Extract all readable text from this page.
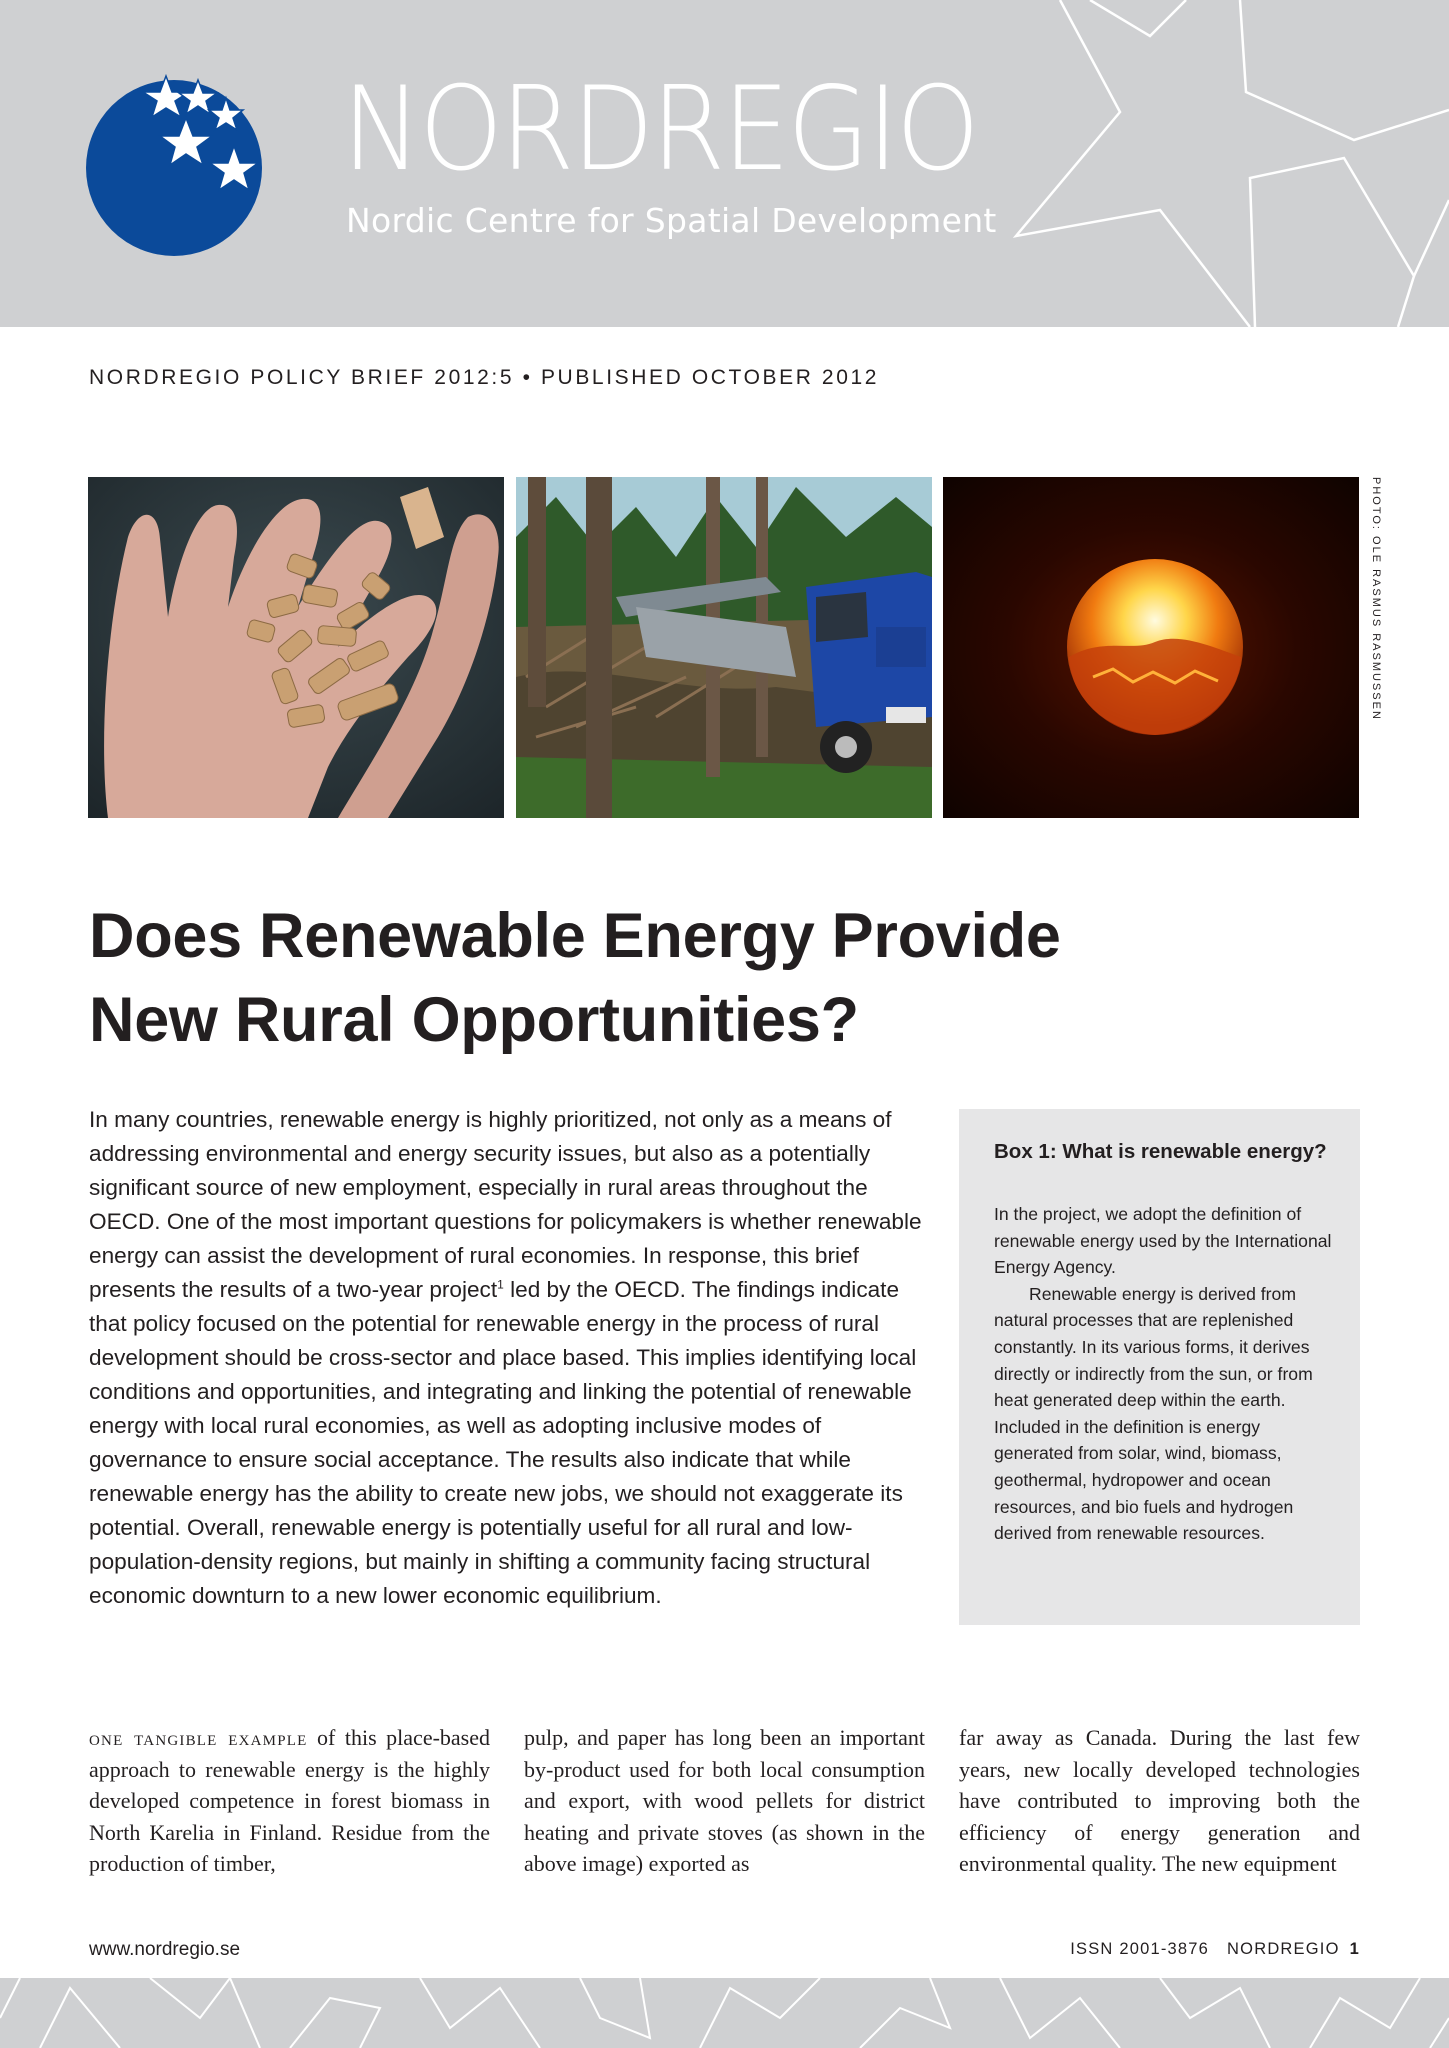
NORDREGIO
Nordic Centre for Spatial Development
NORDREGIO POLICY BRIEF 2012:5 • PUBLISHED OCTOBER 2012
PHOTO: OLE RASMUS RASMUSSEN
Does Renewable Energy Provide
New Rural Opportunities?

In many countries, renewable energy is highly prioritized, not only as a means of addressing environmental and energy security issues, but also as a potentially significant source of new employment, especially in rural areas throughout the OECD. One of the most important questions for policymakers is whether renewable energy can assist the development of rural economies. In response, this brief presents the results of a two-year project$^1$ led by the OECD. The findings indicate that policy focused on the potential for renewable energy in the process of rural development should be cross-sector and place based. This implies identifying local conditions and opportunities, and integrating and linking the potential of renewable energy with local rural economies, as well as adopting inclusive modes of governance to ensure social acceptance. The results also indicate that while renewable energy has the ability to create new jobs, we should not exaggerate its potential. Overall, renewable energy is potentially useful for all rural and low-population-density regions, but mainly in shifting a community facing structural economic downturn to a new lower economic equilibrium.

Box 1: What is renewable energy?

In the project, we adopt the definition of renewable energy used by the International Energy Agency.

Renewable energy is derived from natural processes that are replenished constantly. In its various forms, it derives directly or indirectly from the sun, or from heat generated deep within the earth. Included in the definition is energy generated from solar, wind, biomass, geothermal, hydropower and ocean resources, and bio fuels and hydrogen derived from renewable resources.

one tangible example of this place-based approach to renewable energy is the highly developed competence in forest biomass in North Karelia in Finland. Residue from the production of timber,

pulp, and paper has long been an important by-product used for both local consumption and export, with wood pellets for district heating and private stoves (as shown in the above image) exported as

far away as Canada. During the last few years, new locally developed technologies have contributed to improving both the efficiency of energy generation and environmental quality. The new equipment

www.nordregio.se	ISSN 2001-3876 NORDREGIO 1
